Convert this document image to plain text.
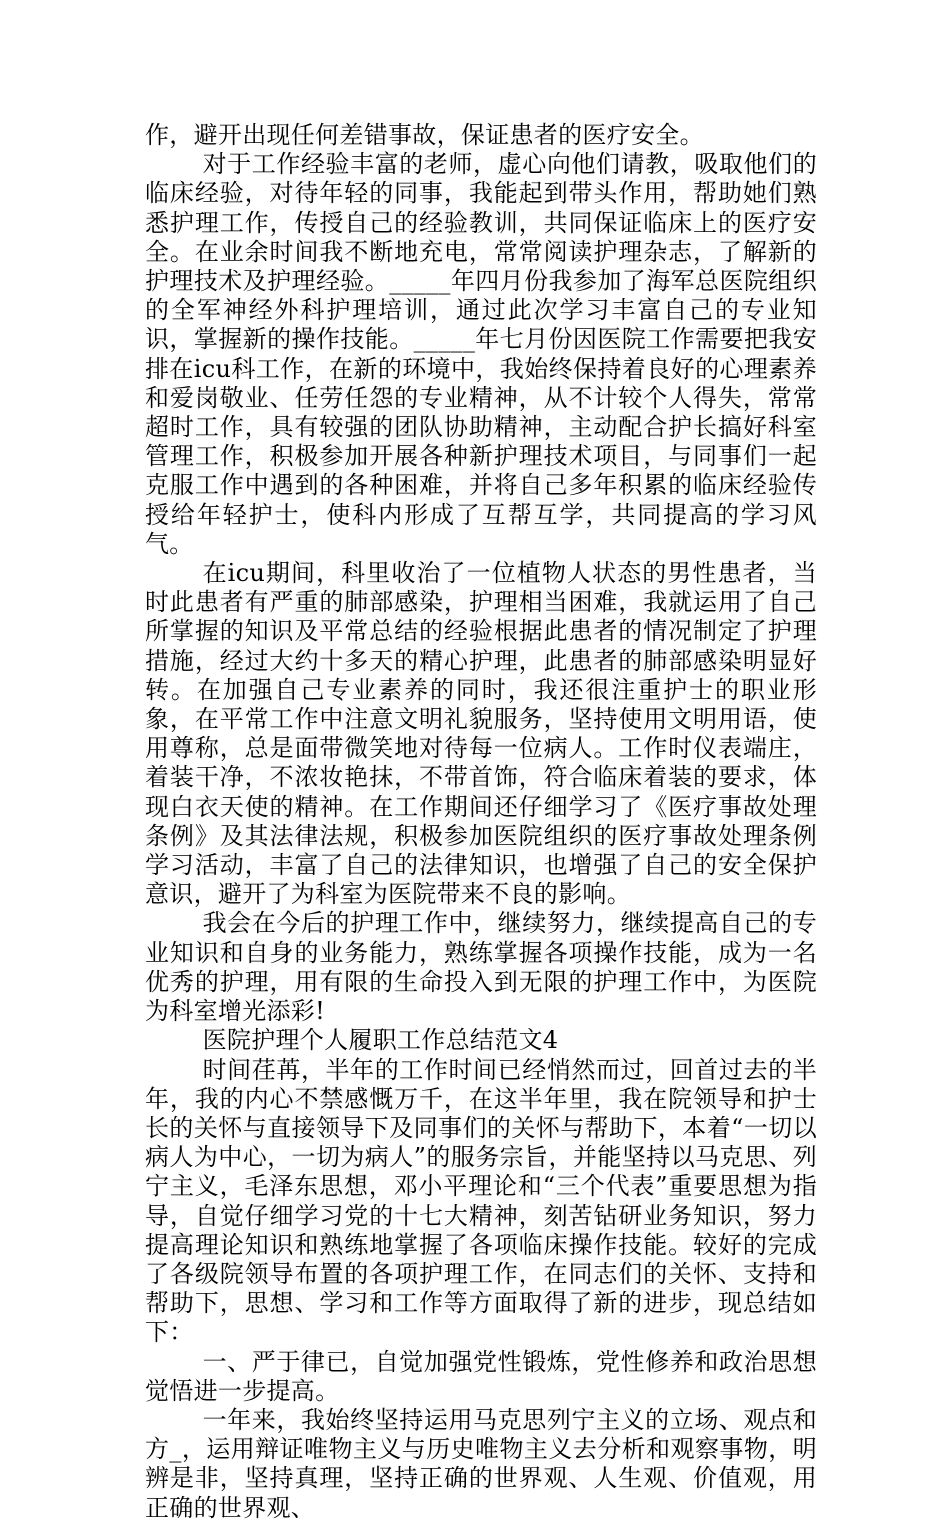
作，避开出现任何差错事故，保证患者的医疗安全。

对于工作经验丰富的老师，虚心向他们请教，吸取他们的临床经验，对待年轻的同事，我能起到带头作用，帮助她们熟悉护理工作，传授自己的经验教训，共同保证临床上的医疗安全。在业余时间我不断地充电，常常阅读护理杂志，了解新的护理技术及护理经验。_____年四月份我参加了海军总医院组织的全军神经外科护理培训，通过此次学习丰富自己的专业知识，掌握新的操作技能。_____年七月份因医院工作需要把我安排在icu科工作，在新的环境中，我始终保持着良好的心理素养和爱岗敬业、任劳任怨的专业精神，从不计较个人得失，常常超时工作，具有较强的团队协助精神，主动配合护长搞好科室管理工作，积极参加开展各种新护理技术项目，与同事们一起克服工作中遇到的各种困难，并将自己多年积累的临床经验传授给年轻护士，使科内形成了互帮互学，共同提高的学习风气。

在icu期间，科里收治了一位植物人状态的男性患者，当时此患者有严重的肺部感染，护理相当困难，我就运用了自己所掌握的知识及平常总结的经验根据此患者的情况制定了护理措施，经过大约十多天的精心护理，此患者的肺部感染明显好转。在加强自己专业素养的同时，我还很注重护士的职业形象，在平常工作中注意文明礼貌服务，坚持使用文明用语，使用尊称，总是面带微笑地对待每一位病人。工作时仪表端庄，着装干净，不浓妆艳抹，不带首饰，符合临床着装的要求，体现白衣天使的精神。在工作期间还仔细学习了《医疗事故处理条例》及其法律法规，积极参加医院组织的医疗事故处理条例学习活动，丰富了自己的法律知识，也增强了自己的安全保护意识，避开了为科室为医院带来不良的影响。

我会在今后的护理工作中，继续努力，继续提高自己的专业知识和自身的业务能力，熟练掌握各项操作技能，成为一名优秀的护理，用有限的生命投入到无限的护理工作中，为医院为科室增光添彩!

医院护理个人履职工作总结范文4

时间荏苒，半年的工作时间已经悄然而过，回首过去的半年，我的内心不禁感慨万千，在这半年里，我在院领导和护士长的关怀与直接领导下及同事们的关怀与帮助下，本着“一切以病人为中心，一切为病人”的服务宗旨，并能坚持以马克思、列宁主义，毛泽东思想，邓小平理论和“三个代表”重要思想为指导，自觉仔细学习党的十七大精神，刻苦钻研业务知识，努力提高理论知识和熟练地掌握了各项临床操作技能。较好的完成了各级院领导布置的各项护理工作，在同志们的关怀、支持和帮助下，思想、学习和工作等方面取得了新的进步，现总结如下：

一、严于律已，自觉加强党性锻炼，党性修养和政治思想觉悟进一步提高。

一年来，我始终坚持运用马克思列宁主义的立场、观点和方_，运用辩证唯物主义与历史唯物主义去分析和观察事物，明辨是非，坚持真理，坚持正确的世界观、人生观、价值观，用正确的世界观、
